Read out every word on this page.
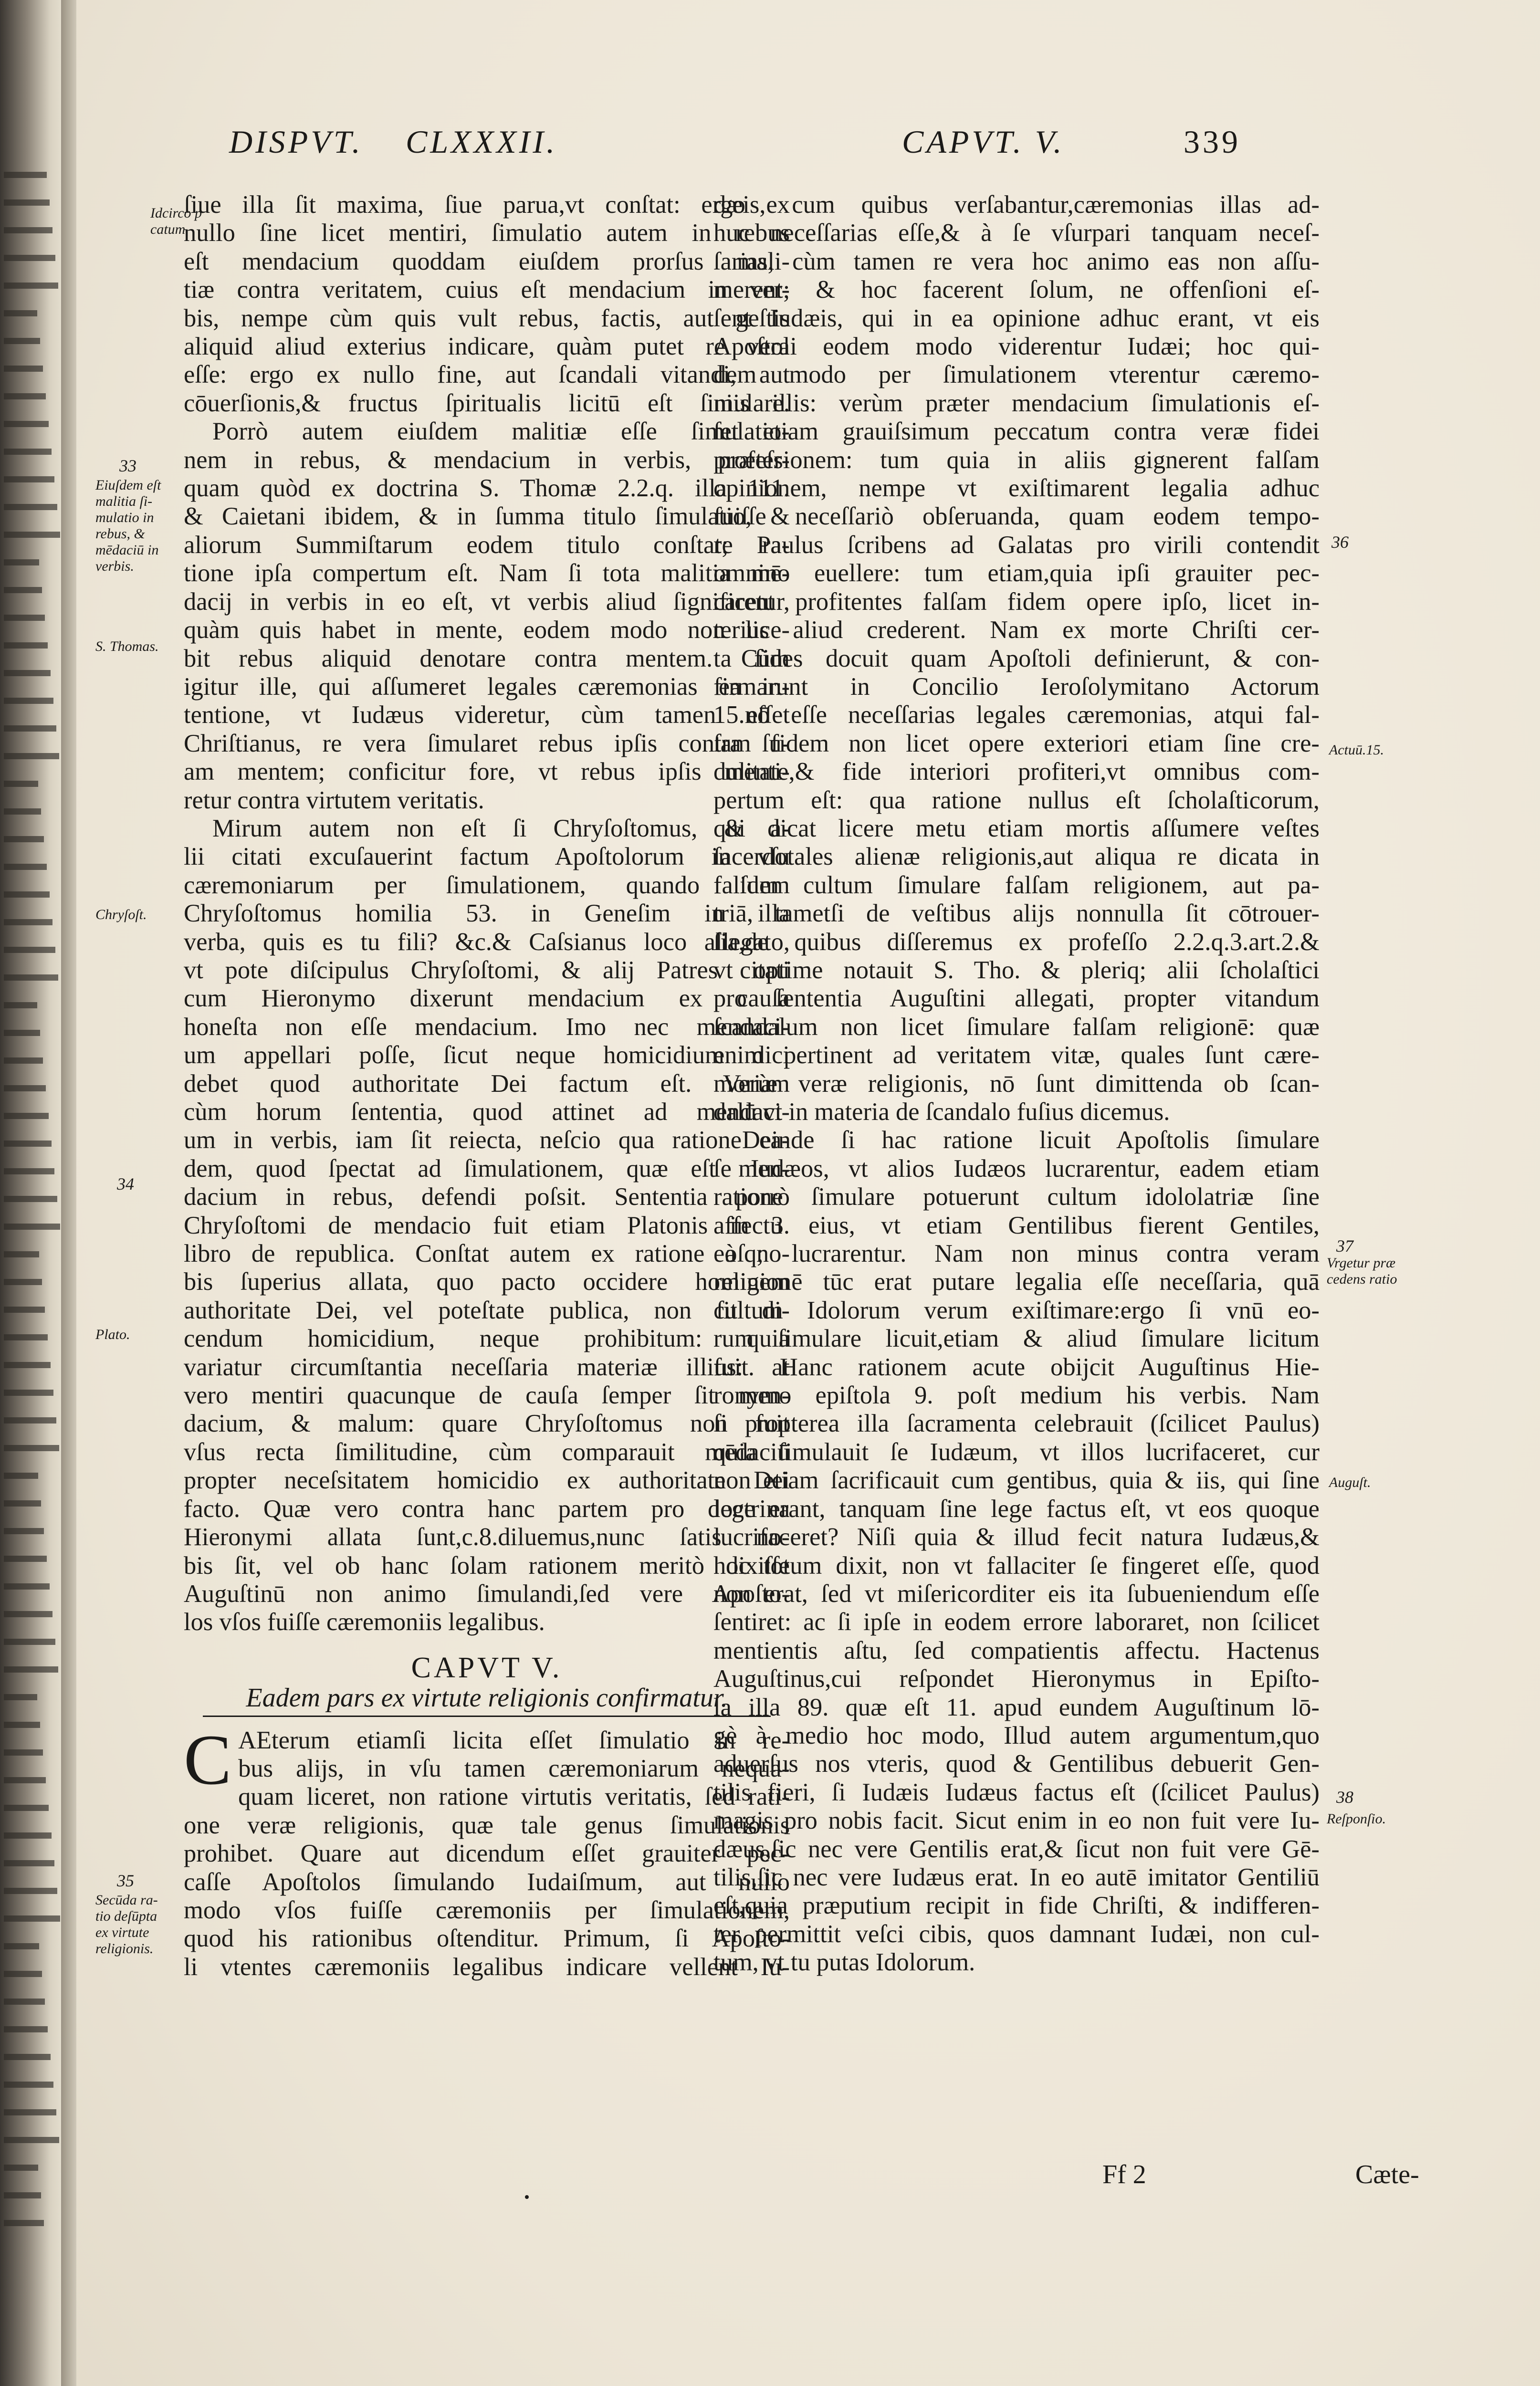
DISPVT. CLXXXII.	CAPVT. V.	339
Idcirco p
catum.

ſiue illa ſit maxima, ſiue parua,vt conſtat: ergo ex
nullo ſine licet mentiri, ſimulatio autem in rebus
eſt mendacium quoddam eiuſdem prorſus mali-
tiæ contra veritatem, cuius eſt mendacium in ver-
bis, nempe cùm quis vult rebus, factis, aut geſtis
aliquid aliud exterius indicare, quàm putet re vera
eſſe: ergo ex nullo fine, aut ſcandali vitandi, aut
cōuerſionis,& fructus ſpiritualis licitū eſt ſimulare.

Porrò autem eiuſdem malitiæ eſſe ſimulatio-
nem in rebus, & mendacium in verbis, præter-
quam quòd ex doctrina S. Thomæ 2.2.q. illa 111.
& Caietani ibidem, & in ſumma titulo ſimulatio, &
aliorum Summiſtarum eodem titulo conſtat; ra-
tione ipſa compertum eſt. Nam ſi tota malitia mē-
dacij in verbis in eo eſt, vt verbis aliud ſignificetur,
quàm quis habet in mente, eodem modo non lice-
bit rebus aliquid denotare contra mentem. Cùm
igitur ille, qui aſſumeret legales cæremonias ea in-
tentione, vt Iudæus videretur, cùm tamen eſſet
Chriſtianus, re vera ſimularet rebus ipſis contra ſu-
am mentem; conficitur fore, vt rebus ipſis menti-
retur contra virtutem veritatis.

Mirum autem non eſt ſi Chryſoſtomus, & a-
lii citati excuſauerint factum Apoſtolorum in vſu
cæremoniarum per ſimulationem, quando idem
Chryſoſtomus homilia 53. in Geneſim in illa
verba, quis es tu fili? &c.& Caſsianus loco allegato,
vt pote diſcipulus Chryſoſtomi, & alij Patres citati
cum Hieronymo dixerunt mendacium ex cauſa
honeſta non eſſe mendacium. Imo nec mendaci-
um appellari poſſe, ſicut neque homicidium dici
debet quod authoritate Dei factum eſt. Verùm
cùm horum ſententia, quod attinet ad mendaci-
um in verbis, iam ſit reiecta, neſcio qua ratione ea-
dem, quod ſpectat ad ſimulationem, quæ eſt men-
dacium in rebus, defendi poſsit. Sententia porrò
Chryſoſtomi de mendacio fuit etiam Platonis in 3.
libro de republica. Conſtat autem ex ratione à no-
bis ſuperius allata, quo pacto occidere hominem
authoritate Dei, vel poteſtate publica, non ſit di-
cendum homicidium, neque prohibitum: quia
variatur circumſtantia neceſſaria materiæ illius: at
vero mentiri quacunque de cauſa ſemper ſit men-
dacium, & malum: quare Chryſoſtomus non fuit
vſus recta ſimilitudine, cùm comparauit mēdaciū
propter neceſsitatem homicidio ex authoritate Dei
facto. Quæ vero contra hanc partem pro doctrina
Hieronymi allata ſunt,c.8.diluemus,nunc ſatis no-
bis ſit, vel ob hanc ſolam rationem meritò dixiſſe
Auguſtinū non animo ſimulandi,ſed vere Apoſto-
los vſos fuiſſe cæremoniis legalibus.

CAPVT V.
Eadem pars ex virtute religionis confirmatur.

C AEterum etiamſi licita eſſet ſimulatio in re-
bus alijs, in vſu tamen cæremoniarum nequa-
quam liceret, non ratione virtutis veritatis, ſed rati-
one veræ religionis, quæ tale genus ſimulationis
prohibet. Quare aut dicendum eſſet grauiter pec-
caſſe Apoſtolos ſimulando Iudaiſmum, aut nullo
modo vſos fuiſſe cæremoniis per ſimulationem,
quod his rationibus oſtenditur. Primum, ſi Apoſto-
li vtentes cæremoniis legalibus indicare vellent Iu-

dæis, cum quibus verſabantur,cæremonias illas ad-
huc neceſſarias eſſe,& à ſe vſurpari tanquam neceſ-
ſarias, cùm tamen re vera hoc animo eas non aſſu-
merent; & hoc facerent ſolum, ne offenſioni eſ-
ſent Iudæis, qui in ea opinione adhuc erant, vt eis
Apoſtoli eodem modo viderentur Iudæi; hoc qui-
dem modo per ſimulationem vterentur cæremo-
niis illis: verùm præter mendacium ſimulationis eſ-
ſet etiam grauiſsimum peccatum contra veræ fidei
profeſsionem: tum quia in aliis gignerent falſam
opinionem, nempe vt exiſtimarent legalia adhuc
fuiſſe neceſſariò obſeruanda, quam eodem tempo-
re Paulus ſcribens ad Galatas pro virili contendit
omnino euellere: tum etiam,quia ipſi grauiter pec-
carent profitentes falſam fidem opere ipſo, licet in-
terius aliud crederent. Nam ex morte Chriſti cer-
ta fides docuit quam Apoſtoli definierunt, & con-
firmarunt in Concilio Ieroſolymitano Actorum
15.nō eſſe neceſſarias legales cæremonias, atqui fal-
ſam fidem non licet opere exteriori etiam ſine cre-
dulitate,& fide interiori profiteri,vt omnibus com-
pertum eſt: qua ratione nullus eſt ſcholaſticorum,
qui dicat licere metu etiam mortis aſſumere veſtes
ſacerdotales alienæ religionis,aut aliqua re dicata in
falſum cultum ſimulare falſam religionem, aut pa-
triā, tametſi de veſtibus alijs nonnulla ſit cōtrouer-
ſia,de quibus diſſeremus ex profeſſo 2.2.q.3.art.2.&
vt optime notauit S. Tho. & pleriq; alii ſcholaſtici
pro ſententia Auguſtini allegati, propter vitandum
ſcandalum non licet ſimulare falſam religionē: quæ
enim pertinent ad veritatem vitæ, quales ſunt cære-
moriæ veræ religionis, nō ſunt dimittenda ob ſcan-
dalū vt in materia de ſcandalo fuſius dicemus.

Deinde ſi hac ratione licuit Apoſtolis ſimulare
ſe Iudæos, vt alios Iudæos lucrarentur, eadem etiam
ratione ſimulare potuerunt cultum idololatriæ ſine
affectu eius, vt etiam Gentilibus fierent Gentiles,
eoſq; lucrarentur. Nam non minus contra veram
religionē tūc erat putare legalia eſſe neceſſaria, quā
cultum Idolorum verum exiſtimare:ergo ſi vnū eo-
rum ſimulare licuit,etiam & aliud ſimulare licitum
fuit. Hanc rationem acute obijcit Auguſtinus Hie-
ronymo epiſtola 9. poſt medium his verbis. Nam
ſi propterea illa ſacramenta celebrauit (ſcilicet Paulus)
quia ſimulauit ſe Iudæum, vt illos lucrifaceret, cur
non etiam ſacrificauit cum gentibus, quia & iis, qui ſine
lege erant, tanquam ſine lege factus eſt, vt eos quoque
lucrifaceret? Niſi quia & illud fecit natura Iudæus,&
hoc totum dixit, non vt fallaciter ſe fingeret eſſe, quod
non erat, ſed vt miſericorditer eis ita ſubueniendum eſſe
ſentiret: ac ſi ipſe in eodem errore laboraret, non ſcilicet
mentientis aſtu, ſed compatientis affectu. Hactenus
Auguſtinus,cui reſpondet Hieronymus in Epiſto-
la illa 89. quæ eſt 11. apud eundem Auguſtinum lō-
gè à medio hoc modo, Illud autem argumentum,quo
aduerſus nos vteris, quod & Gentilibus debuerit Gen-
tilis fieri, ſi Iudæis Iudæus factus eſt (ſcilicet Paulus)
magis pro nobis facit. Sicut enim in eo non fuit vere Iu-
dæus,ſic nec vere Gentilis erat,& ſicut non fuit vere Gē-
tilis,ſic nec vere Iudæus erat. In eo autē imitator Gentiliū
eſt,quia præputium recipit in fide Chriſti, & indifferen-
ter permittit veſci cibis, quos damnant Iudæi, non cul-
tum, vt tu putas Idolorum.

33
Eiuſdem eſt
malitia ſi-
mulatio in
rebus, &
mēdaciū in
verbis.
S. Thomas.
Chryſoſt.
34
Plato.
35
Secūda ra-
tio deſūpta
ex virtute
religionis.
36
Actuū.15.
37
Vrgetur præ
cedens ratio
Auguſt.
38
Reſponſio.
Ff 2	Cæte-
